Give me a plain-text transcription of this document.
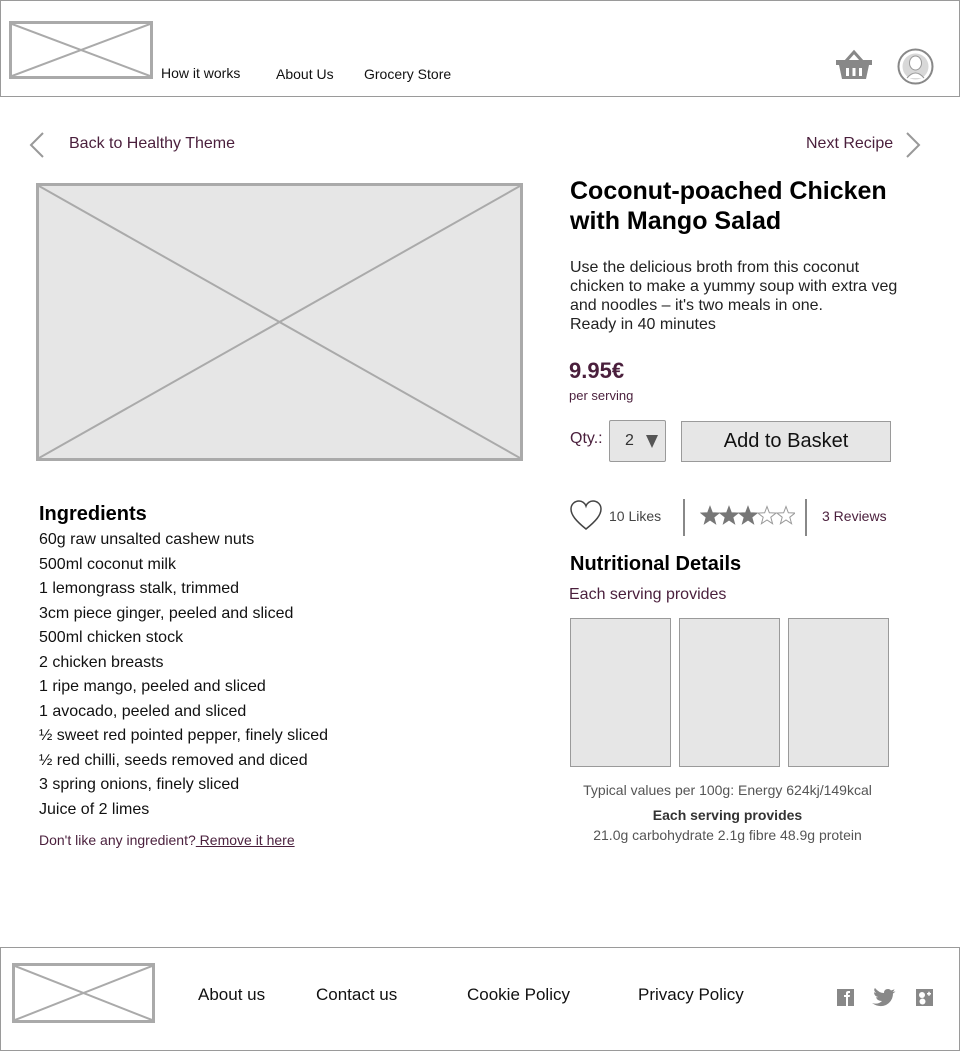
How it works	About Us Grocery Store
Back to Healthy Theme	Next Recipe
Coconut-poached Chicken with Mango Salad

Use the delicious broth from this coconut chicken to make a yummy soup with extra veg and noodles – it's two meals in one.

Ready in 40 minutes

9.95€
per serving
Qty.: 2	Add to Basket
10 Likes	3 Reviews
Nutritional Details
Each serving provides
Typical values per 100g: Energy 624kj/149kcal
Each serving provides
21.0g carbohydrate 2.1g fibre 48.9g protein
Ingredients
60g raw unsalted cashew nuts
500ml coconut milk
1 lemongrass stalk, trimmed
3cm piece ginger, peeled and sliced
500ml chicken stock
2 chicken breasts
1 ripe mango, peeled and sliced
1 avocado, peeled and sliced
½ sweet red pointed pepper, finely sliced
½ red chilli, seeds removed and diced
3 spring onions, finely sliced
Juice of 2 limes
Don't like any ingredient? Remove it here
About us	Contact us	Cookie Policy	Privacy Policy
